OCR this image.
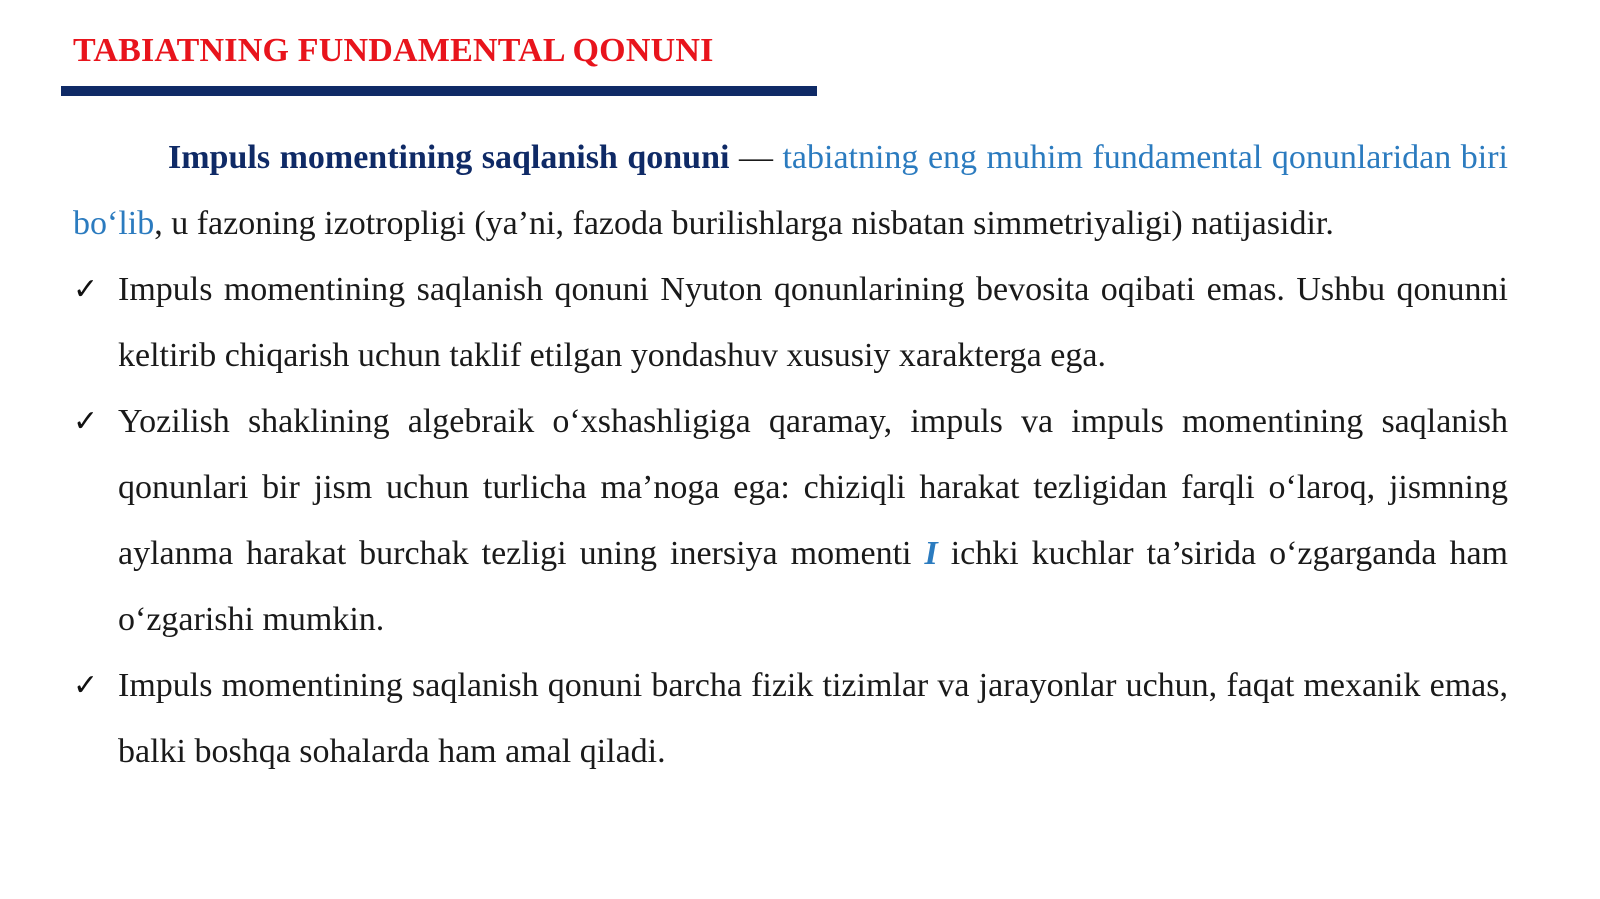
TABIATNING FUNDAMENTAL QONUNI

Impuls momentining saqlanish qonuni — tabiatning eng muhim fundamental qonunlaridan biri bo‘lib, u fazoning izotropligi (ya’ni, fazoda burilishlarga nisbatan simmetriyaligi) natijasidir.

✓ Impuls momentining saqlanish qonuni Nyuton qonunlarining bevosita oqibati emas. Ushbu qonunni keltirib chiqarish uchun taklif etilgan yondashuv xususiy xarakterga ega.
✓ Yozilish shaklining algebraik o‘xshashligiga qaramay, impuls va impuls momentining saqlanish qonunlari bir jism uchun turlicha ma’noga ega: chiziqli harakat tezligidan farqli o‘laroq, jismning aylanma harakat burchak tezligi uning inersiya momenti I ichki kuchlar ta’sirida o‘zgarganda ham o‘zgarishi mumkin.
✓ Impuls momentining saqlanish qonuni barcha fizik tizimlar va jarayonlar uchun, faqat mexanik emas, balki boshqa sohalarda ham amal qiladi.
